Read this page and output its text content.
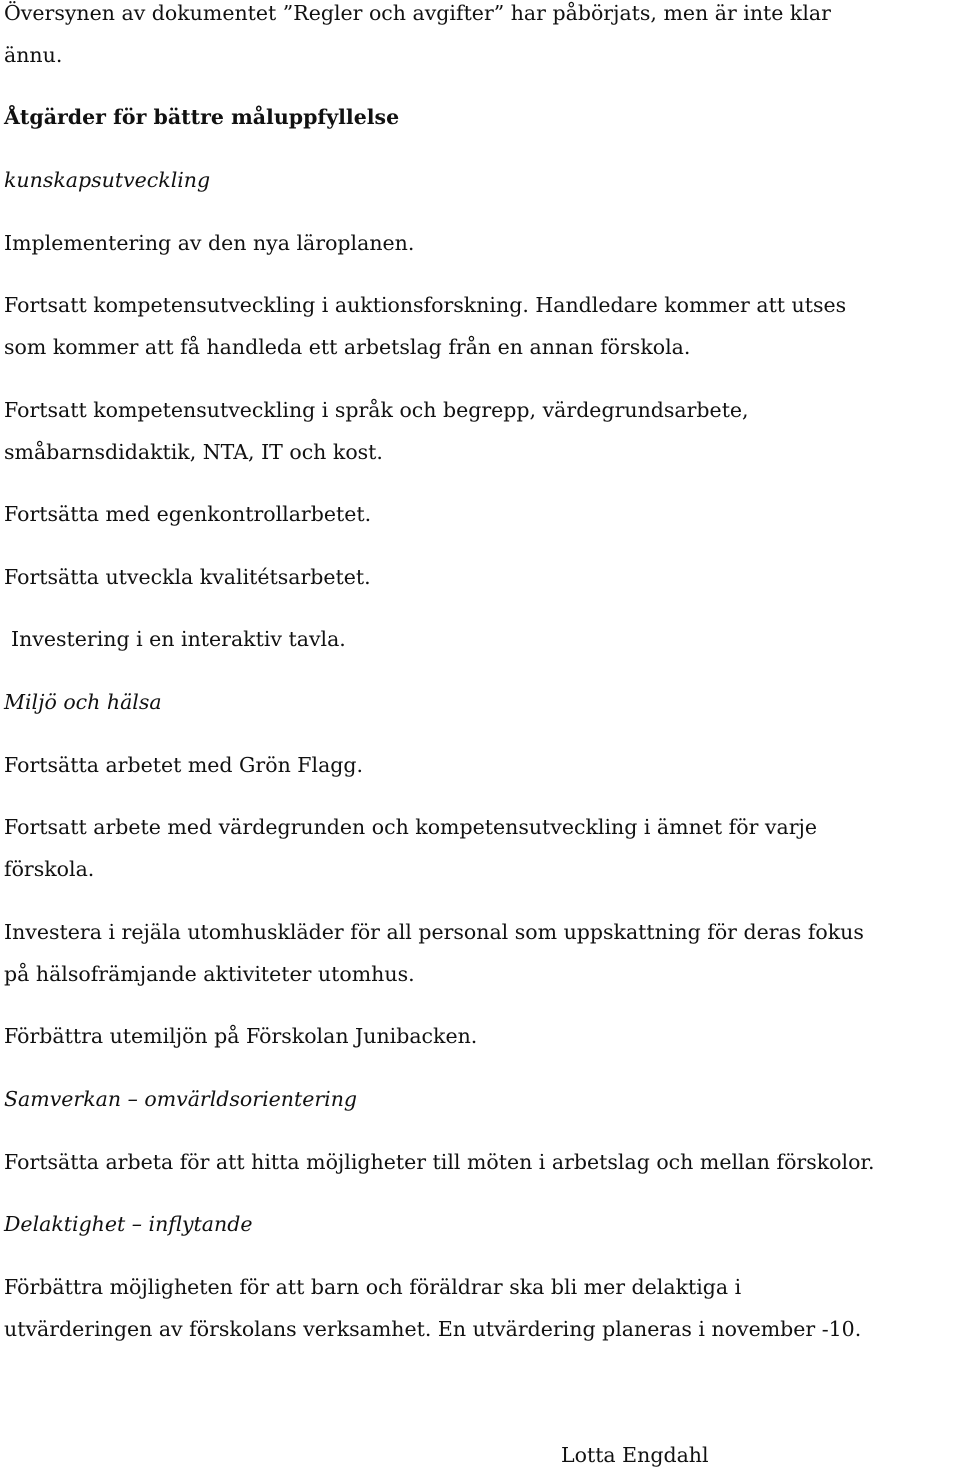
Översynen av dokumentet ”Regler och avgifter” har påbörjats, men är inte klar

ännu.

Åtgärder för bättre måluppfyllelse

kunskapsutveckling

Implementering av den nya läroplanen.

Fortsatt kompetensutveckling i auktionsforskning. Handledare kommer att utses

som kommer att få handleda ett arbetslag från en annan förskola.

Fortsatt kompetensutveckling i språk och begrepp, värdegrundsarbete,

småbarnsdidaktik, NTA, IT och kost.

Fortsätta med egenkontrollarbetet.

Fortsätta utveckla kvalitétsarbetet.

Investering i en interaktiv tavla.

Miljö och hälsa

Fortsätta arbetet med Grön Flagg.

Fortsatt arbete med värdegrunden och kompetensutveckling i ämnet för varje

förskola.

Investera i rejäla utomhuskläder för all personal som uppskattning för deras fokus

på hälsofrämjande aktiviteter utomhus.

Förbättra utemiljön på Förskolan Junibacken.

Samverkan – omvärldsorientering

Fortsätta arbeta för att hitta möjligheter till möten i arbetslag och mellan förskolor.

Delaktighet – inflytande

Förbättra möjligheten för att barn och föräldrar ska bli mer delaktiga i

utvärderingen av förskolans verksamhet. En utvärdering planeras i november -10.

Lotta Engdahl
